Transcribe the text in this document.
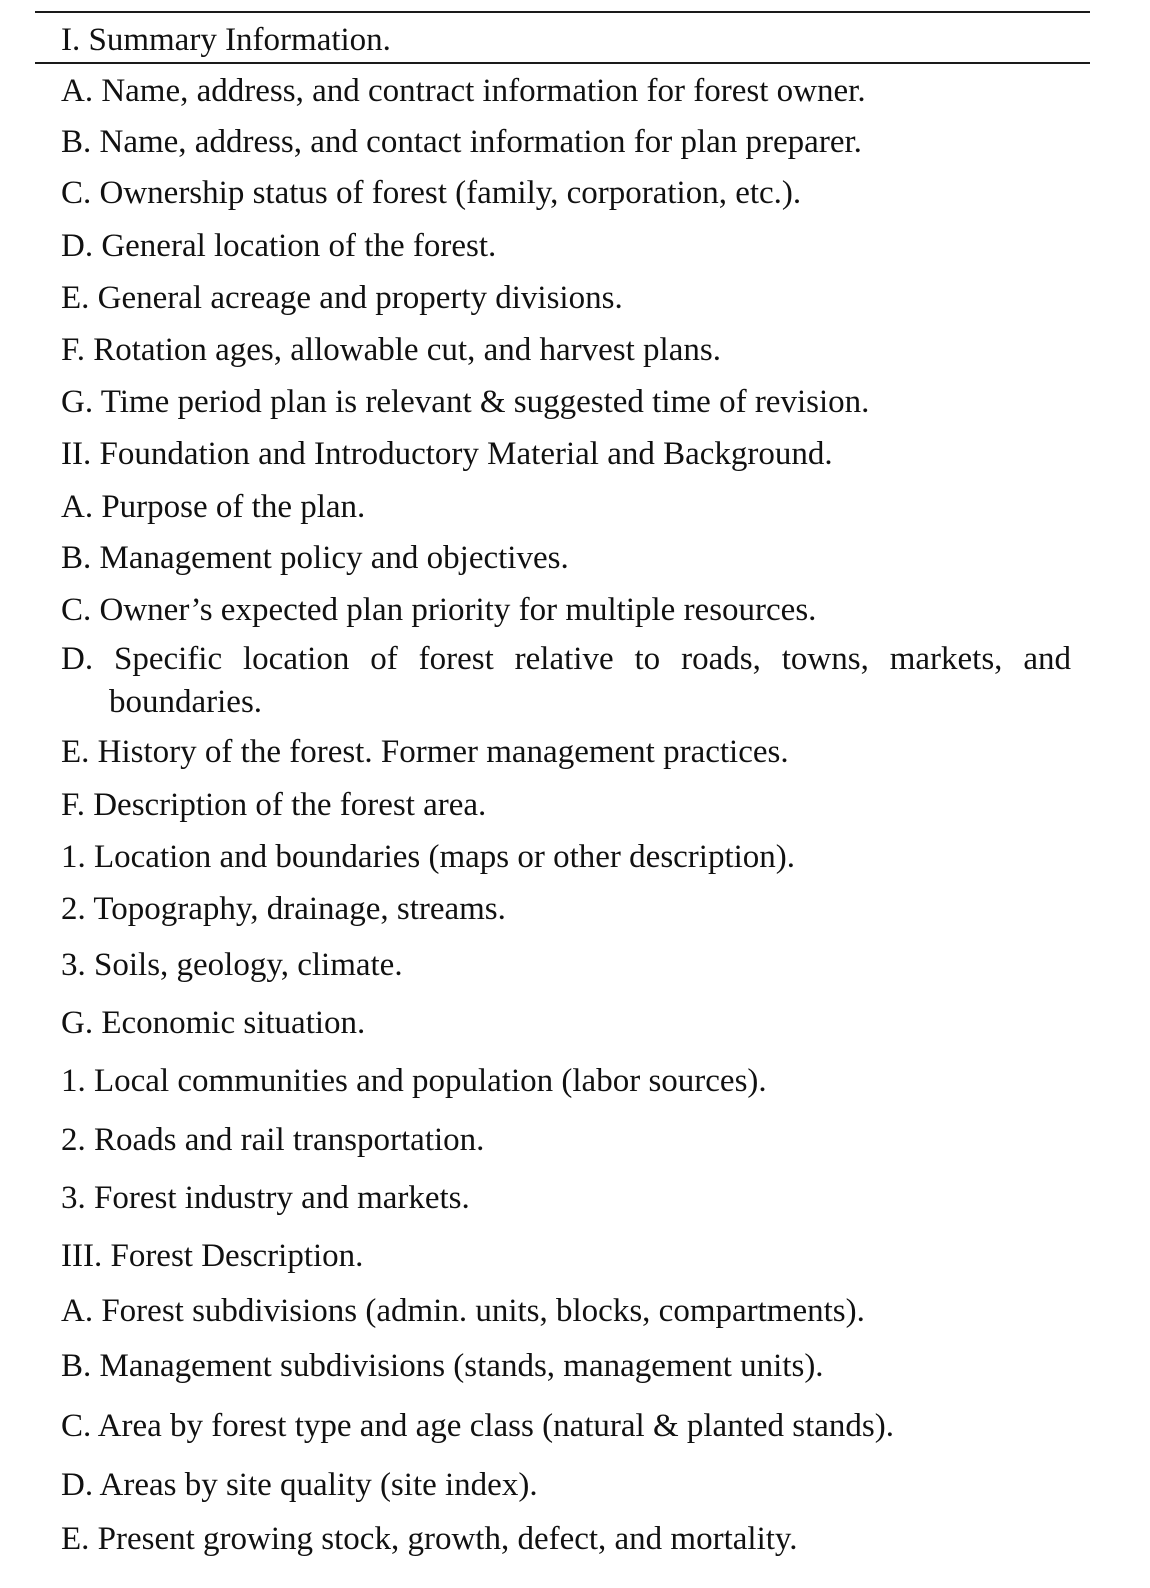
I. Summary Information.
A. Name, address, and contract information for forest owner.
B. Name, address, and contact information for plan preparer.
C. Ownership status of forest (family, corporation, etc.).
D. General location of the forest.
E. General acreage and property divisions.
F. Rotation ages, allowable cut, and harvest plans.
G. Time period plan is relevant & suggested time of revision.
II. Foundation and Introductory Material and Background.
A. Purpose of the plan.
B. Management policy and objectives.
C. Owner’s expected plan priority for multiple resources.
D. Specific location of forest relative to roads, towns, markets, and boundaries.
E. History of the forest. Former management practices.
F. Description of the forest area.
1. Location and boundaries (maps or other description).
2. Topography, drainage, streams.
3. Soils, geology, climate.
G. Economic situation.
1. Local communities and population (labor sources).
2. Roads and rail transportation.
3. Forest industry and markets.
III. Forest Description.
A. Forest subdivisions (admin. units, blocks, compartments).
B. Management subdivisions (stands, management units).
C. Area by forest type and age class (natural & planted stands).
D. Areas by site quality (site index).
E. Present growing stock, growth, defect, and mortality.
